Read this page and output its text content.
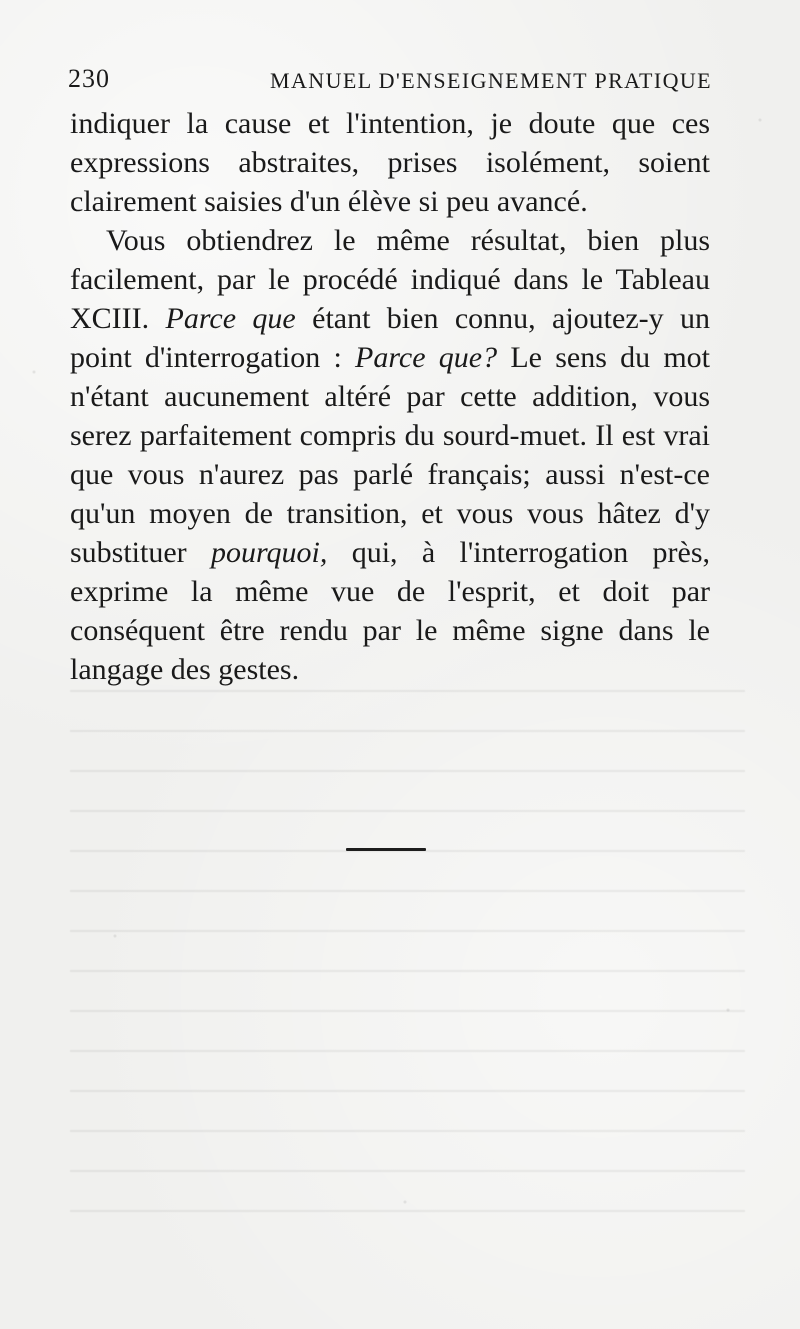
230	MANUEL D'ENSEIGNEMENT PRATIQUE

indiquer la cause et l'intention, je doute que ces expressions abstraites, prises isolément, soient clairement saisies d'un élève si peu avancé.

Vous obtiendrez le même résultat, bien plus facilement, par le procédé indiqué dans le Tableau XCIII. Parce que étant bien connu, ajoutez-y un point d'interrogation : Parce que? Le sens du mot n'étant aucunement altéré par cette addition, vous serez parfaitement compris du sourd-muet. Il est vrai que vous n'aurez pas parlé français; aussi n'est-ce qu'un moyen de transition, et vous vous hâtez d'y substituer pourquoi, qui, à l'interrogation près, exprime la même vue de l'esprit, et doit par conséquent être rendu par le même signe dans le langage des gestes.
